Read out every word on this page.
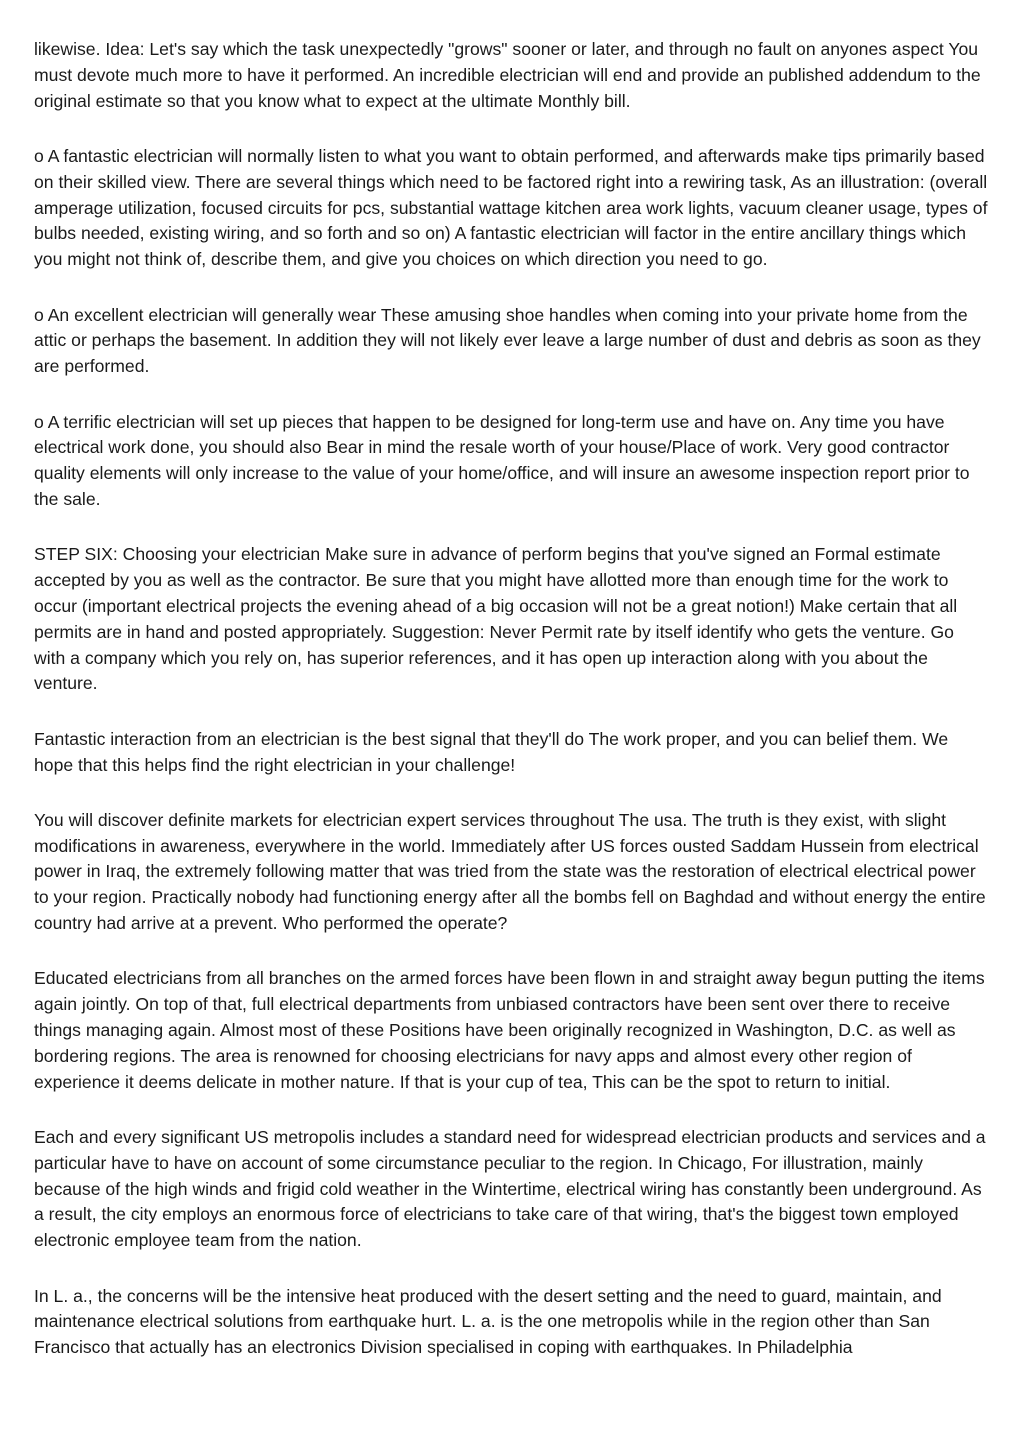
likewise. Idea: Let's say which the task unexpectedly "grows" sooner or later, and through no fault on anyones aspect You must devote much more to have it performed. An incredible electrician will end and provide an published addendum to the original estimate so that you know what to expect at the ultimate Monthly bill.

o A fantastic electrician will normally listen to what you want to obtain performed, and afterwards make tips primarily based on their skilled view. There are several things which need to be factored right into a rewiring task, As an illustration: (overall amperage utilization, focused circuits for pcs, substantial wattage kitchen area work lights, vacuum cleaner usage, types of bulbs needed, existing wiring, and so forth and so on) A fantastic electrician will factor in the entire ancillary things which you might not think of, describe them, and give you choices on which direction you need to go.

o An excellent electrician will generally wear These amusing shoe handles when coming into your private home from the attic or perhaps the basement. In addition they will not likely ever leave a large number of dust and debris as soon as they are performed.

o A terrific electrician will set up pieces that happen to be designed for long-term use and have on. Any time you have electrical work done, you should also Bear in mind the resale worth of your house/Place of work. Very good contractor quality elements will only increase to the value of your home/office, and will insure an awesome inspection report prior to the sale.

STEP SIX: Choosing your electrician Make sure in advance of perform begins that you've signed an Formal estimate accepted by you as well as the contractor. Be sure that you might have allotted more than enough time for the work to occur (important electrical projects the evening ahead of a big occasion will not be a great notion!) Make certain that all permits are in hand and posted appropriately. Suggestion: Never Permit rate by itself identify who gets the venture. Go with a company which you rely on, has superior references, and it has open up interaction along with you about the venture.

Fantastic interaction from an electrician is the best signal that they'll do The work proper, and you can belief them. We hope that this helps find the right electrician in your challenge!

You will discover definite markets for electrician expert services throughout The usa. The truth is they exist, with slight modifications in awareness, everywhere in the world. Immediately after US forces ousted Saddam Hussein from electrical power in Iraq, the extremely following matter that was tried from the state was the restoration of electrical electrical power to your region. Practically nobody had functioning energy after all the bombs fell on Baghdad and without energy the entire country had arrive at a prevent. Who performed the operate?

Educated electricians from all branches on the armed forces have been flown in and straight away begun putting the items again jointly. On top of that, full electrical departments from unbiased contractors have been sent over there to receive things managing again. Almost most of these Positions have been originally recognized in Washington, D.C. as well as bordering regions. The area is renowned for choosing electricians for navy apps and almost every other region of experience it deems delicate in mother nature. If that is your cup of tea, This can be the spot to return to initial.

Each and every significant US metropolis includes a standard need for widespread electrician products and services and a particular have to have on account of some circumstance peculiar to the region. In Chicago, For illustration, mainly because of the high winds and frigid cold weather in the Wintertime, electrical wiring has constantly been underground. As a result, the city employs an enormous force of electricians to take care of that wiring, that's the biggest town employed electronic employee team from the nation.

In L. a., the concerns will be the intensive heat produced with the desert setting and the need to guard, maintain, and maintenance electrical solutions from earthquake hurt. L. a. is the one metropolis while in the region other than San Francisco that actually has an electronics Division specialised in coping with earthquakes. In Philadelphia
